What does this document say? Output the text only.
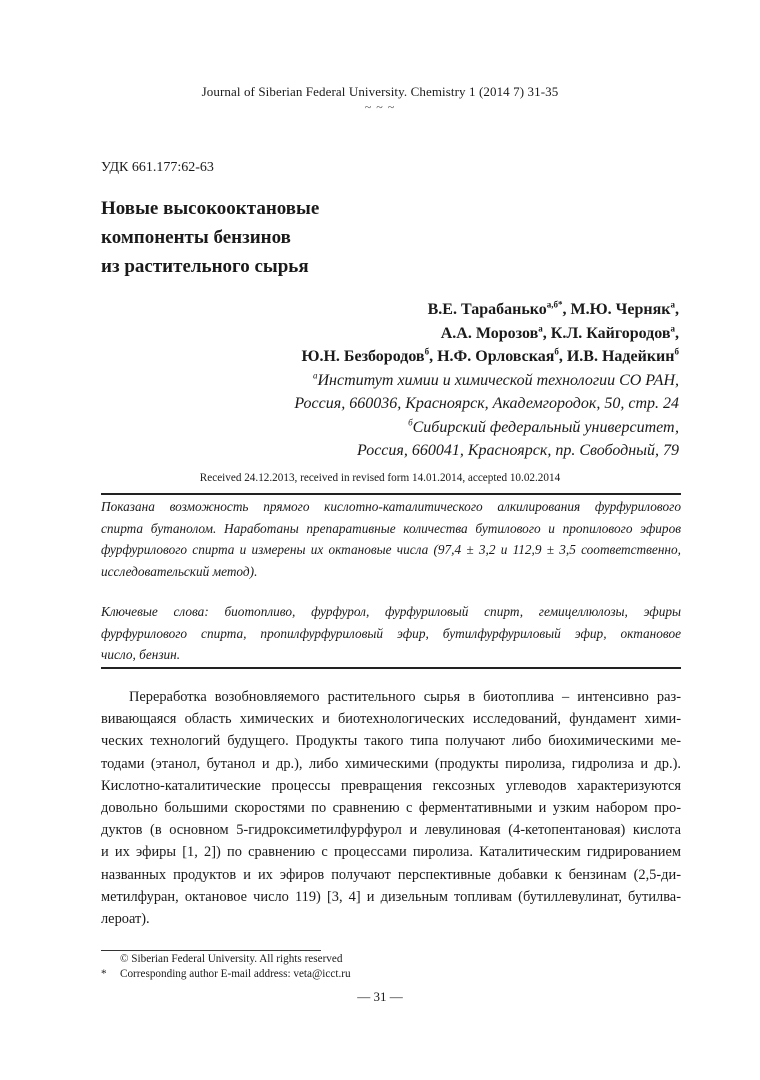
Journal of Siberian Federal University. Chemistry 1 (2014 7) 31-35
~ ~ ~
УДК 661.177:62-63
Новые высокооктановые
компоненты бензинов
из растительного сырья
В.Е. Тарабанько$^{а,б*}$, М.Ю. Черняк$^а$,
А.А. Морозов$^а$, К.Л. Кайгородов$^а$,
Ю.Н. Безбородов$^б$, Н.Ф. Орловская$^б$, И.В. Надейкин$^б$
$^а$Институт химии и химической технологии СО РАН,
Россия, 660036, Красноярск, Академгородок, 50, стр. 24
$^б$Сибирский федеральный университет,
Россия, 660041, Красноярск, пр. Свободный, 79
Received 24.12.2013, received in revised form 14.01.2014, accepted 10.02.2014
Показана возможность прямого кислотно-каталитического алкилирования фурфурилового
спирта бутанолом. Наработаны препаративные количества бутилового и пропилового эфиров
фурфурилового спирта и измерены их октановые числа (97,4 ± 3,2 и 112,9 ± 3,5 соответственно,
исследовательский метод).
Ключевые слова: биотопливо, фурфурол, фурфуриловый спирт, гемицеллюлозы, эфиры
фурфурилового спирта, пропилфурфуриловый эфир, бутилфурфуриловый эфир, октановое
число, бензин.
Переработка возобновляемого растительного сырья в биотоплива – интенсивно раз-
вивающаяся область химических и биотехнологических исследований, фундамент хими-
ческих технологий будущего. Продукты такого типа получают либо биохимическими ме-
тодами (этанол, бутанол и др.), либо химическими (продукты пиролиза, гидролиза и др.).
Кислотно-каталитические процессы превращения гексозных углеводов характеризуются
довольно большими скоростями по сравнению с ферментативными и узким набором про-
дуктов (в основном 5-гидроксиметилфурфурол и левулиновая (4-кетопентановая) кислота
и их эфиры [1, 2]) по сравнению с процессами пиролиза. Каталитическим гидрированием
названных продуктов и их эфиров получают перспективные добавки к бензинам (2,5-ди-
метилфуран, октановое число 119) [3, 4] и дизельным топливам (бутиллевулинат, бутилва-
лероат).
© Siberian Federal University. All rights reserved
* Corresponding author E-mail address: veta@icct.ru
— 31 —
